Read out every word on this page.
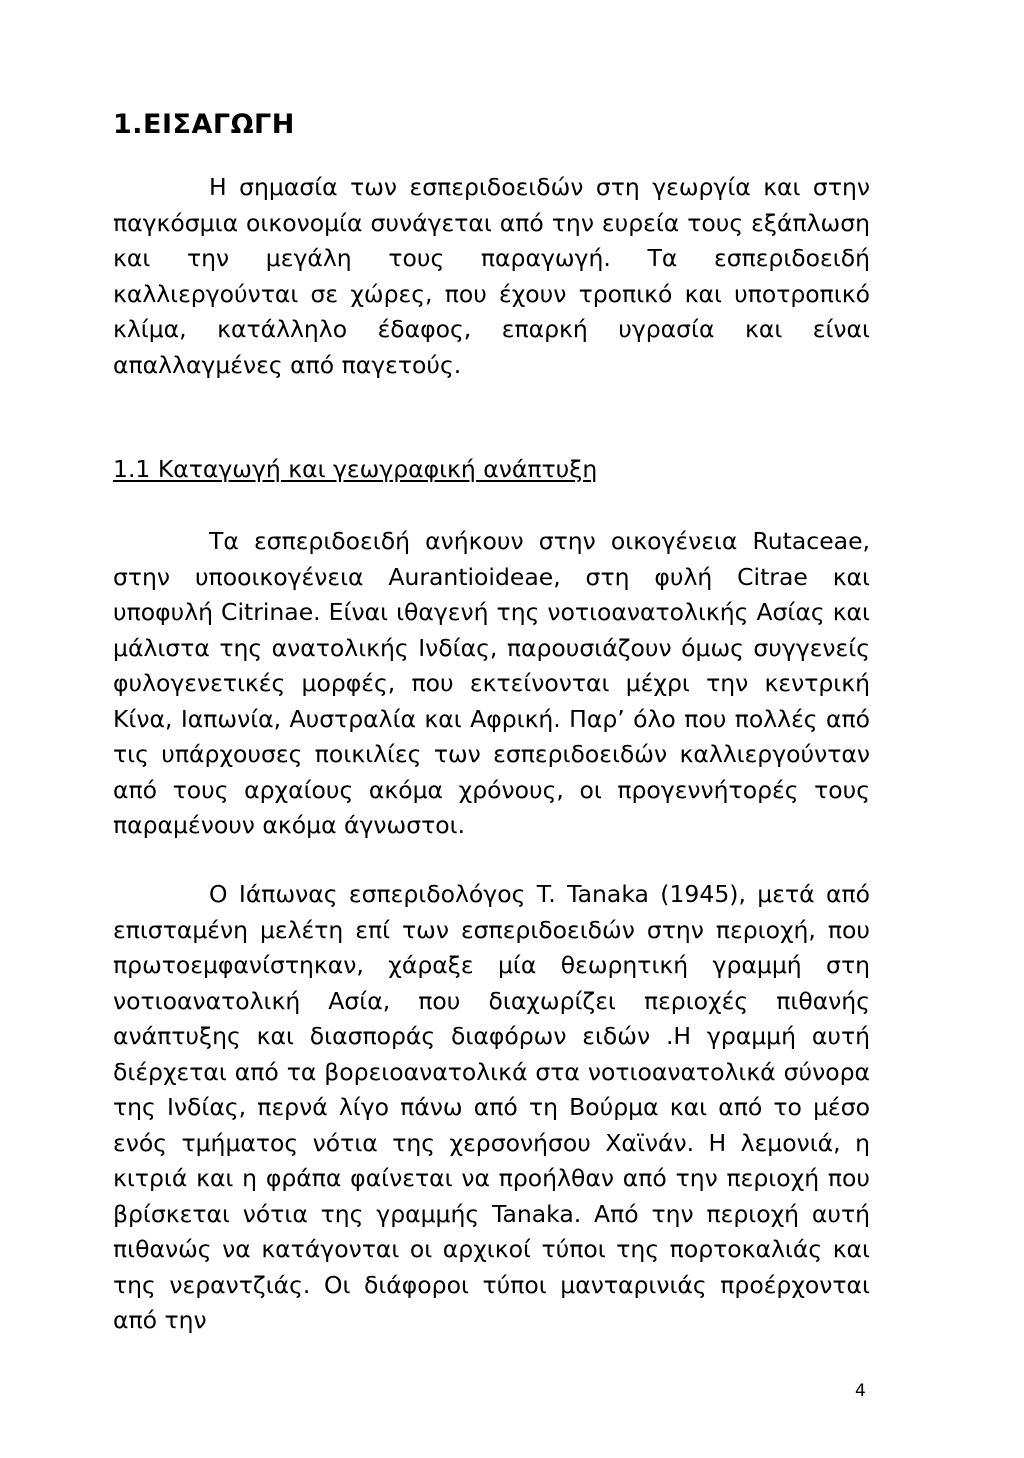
1.ΕΙΣΑΓΩΓΗ

Η σημασία των εσπεριδοειδών στη γεωργία και στην παγκόσμια οικονομία συνάγεται από την ευρεία τους εξάπλωση και την μεγάλη τους παραγωγή. Τα εσπεριδοειδή καλλιεργούνται σε χώρες, που έχουν τροπικό και υποτροπικό κλίμα, κατάλληλο έδαφος, επαρκή υγρασία και είναι απαλλαγμένες από παγετούς.

1.1 Καταγωγή και γεωγραφική ανάπτυξη

Τα εσπεριδοειδή ανήκουν στην οικογένεια Rutaceae, στην υποοικογένεια Aurantioideae, στη φυλή Citrae και υποφυλή Citrinae. Είναι ιθαγενή της νοτιοανατολικής Ασίας και μάλιστα της ανατολικής Ινδίας, παρουσιάζουν όμως συγγενείς φυλογενετικές μορφές, που εκτείνονται μέχρι την κεντρική Κίνα, Ιαπωνία, Αυστραλία και Αφρική. Παρ’ όλο που πολλές από τις υπάρχουσες ποικιλίες των εσπεριδοειδών καλλιεργούνταν από τους αρχαίους ακόμα χρόνους, οι προγεννήτορές τους παραμένουν ακόμα άγνωστοι.

Ο Ιάπωνας εσπεριδολόγος T. Tanaka (1945), μετά από επισταμένη μελέτη επί των εσπεριδοειδών στην περιοχή, που πρωτοεμφανίστηκαν, χάραξε μία θεωρητική γραμμή στη νοτιοανατολική Ασία, που διαχωρίζει περιοχές πιθανής ανάπτυξης και διασποράς διαφόρων ειδών .Η γραμμή αυτή διέρχεται από τα βορειοανατολικά στα νοτιοανατολικά σύνορα της Ινδίας, περνά λίγο πάνω από τη Βούρμα και από το μέσο ενός τμήματος νότια της χερσονήσου Χαϊνάν. Η λεμονιά, η κιτριά και η φράπα φαίνεται να προήλθαν από την περιοχή που βρίσκεται νότια της γραμμής Tanaka. Από την περιοχή αυτή πιθανώς να κατάγονται οι αρχικοί τύποι της πορτοκαλιάς και της νεραντζιάς. Οι διάφοροι τύποι μανταρινιάς προέρχονται από την

4
